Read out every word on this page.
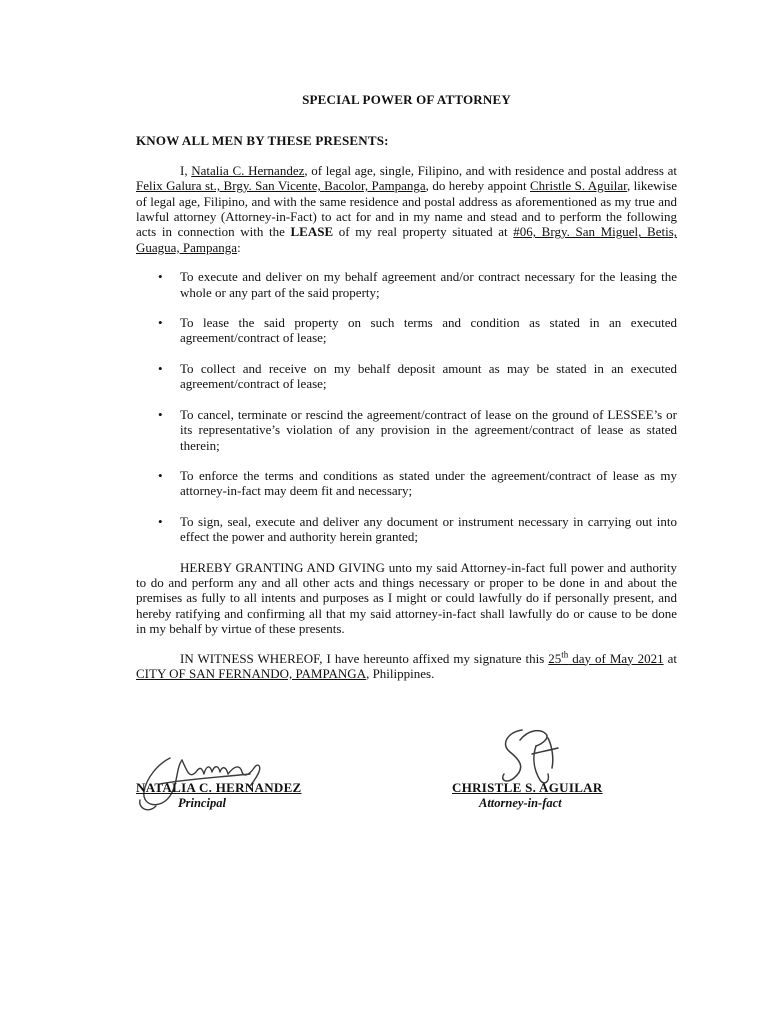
SPECIAL POWER OF ATTORNEY
KNOW ALL MEN BY THESE PRESENTS:

I, Natalia C. Hernandez, of legal age, single, Filipino, and with residence and postal address at Felix Galura st., Brgy. San Vicente, Bacolor, Pampanga, do hereby appoint Christle S. Aguilar, likewise of legal age, Filipino, and with the same residence and postal address as aforementioned as my true and lawful attorney (Attorney-in-Fact) to act for and in my name and stead and to perform the following acts in connection with the LEASE of my real property situated at #06, Brgy. San Miguel, Betis, Guagua, Pampanga:

• To execute and deliver on my behalf agreement and/or contract necessary for the leasing the whole or any part of the said property;
• To lease the said property on such terms and condition as stated in an executed agreement/contract of lease;
• To collect and receive on my behalf deposit amount as may be stated in an executed agreement/contract of lease;
• To cancel, terminate or rescind the agreement/contract of lease on the ground of LESSEE’s or its representative’s violation of any provision in the agreement/contract of lease as stated therein;
• To enforce the terms and conditions as stated under the agreement/contract of lease as my attorney-in-fact may deem fit and necessary;
• To sign, seal, execute and deliver any document or instrument necessary in carrying out into effect the power and authority herein granted;

HEREBY GRANTING AND GIVING unto my said Attorney-in-fact full power and authority to do and perform any and all other acts and things necessary or proper to be done in and about the premises as fully to all intents and purposes as I might or could lawfully do if personally present, and hereby ratifying and confirming all that my said attorney-in-fact shall lawfully do or cause to be done in my behalf by virtue of these presents.

IN WITNESS WHEREOF, I have hereunto affixed my signature this 25th day of May 2021 at CITY OF SAN FERNANDO, PAMPANGA, Philippines.

NATALIA C. HERNANDEZ
Principal
CHRISTLE S. AGUILAR
Attorney-in-fact
